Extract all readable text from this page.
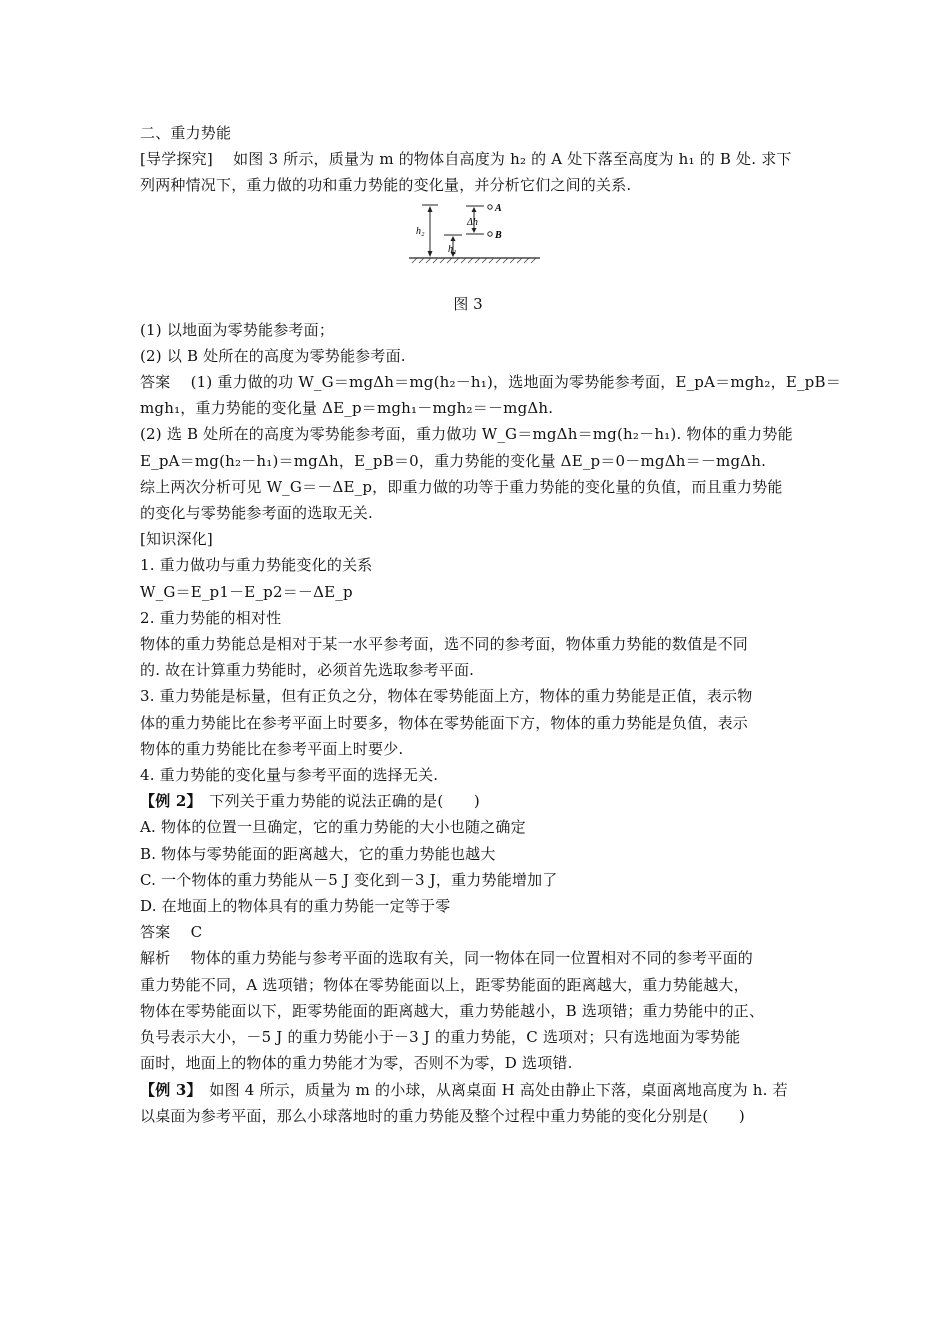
二、重力势能
[导学探究]　 如图 3 所示，质量为 m 的物体自高度为 h₂ 的 A 处下落至高度为 h₁ 的 B 处. 求下
列两种情况下，重力做的功和重力势能的变化量，并分析它们之间的关系.
h₂
h₁
Δh
A
B
图 3
(1) 以地面为零势能参考面；
(2) 以 B 处所在的高度为零势能参考面.
答案　 (1) 重力做的功 W_G＝mgΔh＝mg(h₂－h₁)，选地面为零势能参考面，E_pA＝mgh₂，E_pB＝
mgh₁，重力势能的变化量 ΔE_p＝mgh₁－mgh₂＝－mgΔh.
(2) 选 B 处所在的高度为零势能参考面，重力做功 W_G＝mgΔh＝mg(h₂－h₁). 物体的重力势能
E_pA＝mg(h₂－h₁)＝mgΔh，E_pB＝0，重力势能的变化量 ΔE_p＝0－mgΔh＝－mgΔh.
综上两次分析可见 W_G＝－ΔE_p，即重力做的功等于重力势能的变化量的负值，而且重力势能
的变化与零势能参考面的选取无关.
[知识深化]
1. 重力做功与重力势能变化的关系
W_G＝E_p1－E_p2＝－ΔE_p
2. 重力势能的相对性
物体的重力势能总是相对于某一水平参考面，选不同的参考面，物体重力势能的数值是不同
的. 故在计算重力势能时，必须首先选取参考平面.
3. 重力势能是标量，但有正负之分，物体在零势能面上方，物体的重力势能是正值，表示物
体的重力势能比在参考平面上时要多，物体在零势能面下方，物体的重力势能是负值，表示
物体的重力势能比在参考平面上时要少.
4. 重力势能的变化量与参考平面的选择无关.
【例 2】　下列关于重力势能的说法正确的是(　　)
A. 物体的位置一旦确定，它的重力势能的大小也随之确定
B. 物体与零势能面的距离越大，它的重力势能也越大
C. 一个物体的重力势能从－5 J 变化到－3 J，重力势能增加了
D. 在地面上的物体具有的重力势能一定等于零
答案　 C
解析　 物体的重力势能与参考平面的选取有关，同一物体在同一位置相对不同的参考平面的
重力势能不同，A 选项错；物体在零势能面以上，距零势能面的距离越大，重力势能越大，
物体在零势能面以下，距零势能面的距离越大，重力势能越小，B 选项错；重力势能中的正、
负号表示大小，－5 J 的重力势能小于－3 J 的重力势能，C 选项对；只有选地面为零势能
面时，地面上的物体的重力势能才为零，否则不为零，D 选项错.
【例 3】　如图 4 所示，质量为 m 的小球，从离桌面 H 高处由静止下落，桌面离地高度为 h. 若
以桌面为参考平面，那么小球落地时的重力势能及整个过程中重力势能的变化分别是(　　)
